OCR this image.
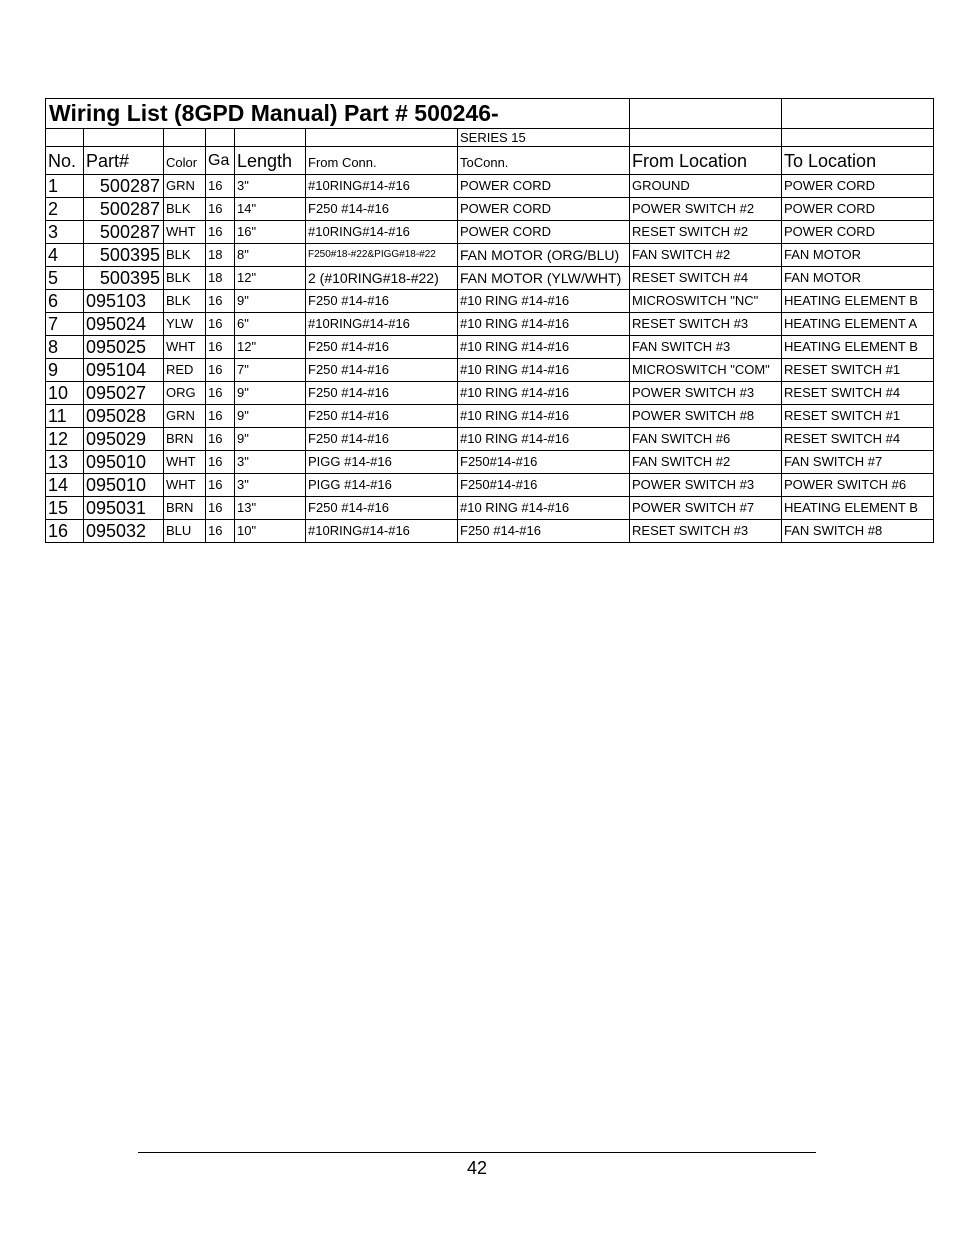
Wiring List (8GPD Manual) Part # 500246-								
						SERIES 15		
No.	Part#	Color	Ga	Length	From Conn.	ToConn.	From Location	To Location
1	500287	GRN	16	3"	#10RING#14-#16	POWER CORD	GROUND	POWER CORD
2	500287	BLK	16	14"	F250 #14-#16	POWER CORD	POWER SWITCH #2	POWER CORD
3	500287	WHT	16	16"	#10RING#14-#16	POWER CORD	RESET SWITCH #2	POWER CORD
4	500395	BLK	18	8"	F250#18-#22&PIGG#18-#22	FAN MOTOR (ORG/BLU)	FAN SWITCH #2	FAN MOTOR
5	500395	BLK	18	12"	2 (#10RING#18-#22)	FAN MOTOR (YLW/WHT)	RESET SWITCH #4	FAN MOTOR
6	095103	BLK	16	9"	F250 #14-#16	#10 RING #14-#16	MICROSWITCH "NC"	HEATING ELEMENT B
7	095024	YLW	16	6"	#10RING#14-#16	#10 RING #14-#16	RESET SWITCH #3	HEATING ELEMENT A
8	095025	WHT	16	12"	F250 #14-#16	#10 RING #14-#16	FAN SWITCH #3	HEATING ELEMENT B
9	095104	RED	16	7"	F250 #14-#16	#10 RING #14-#16	MICROSWITCH "COM"	RESET SWITCH #1
10	095027	ORG	16	9"	F250 #14-#16	#10 RING #14-#16	POWER SWITCH #3	RESET SWITCH #4
11	095028	GRN	16	9"	F250 #14-#16	#10 RING #14-#16	POWER SWITCH #8	RESET SWITCH #1
12	095029	BRN	16	9"	F250 #14-#16	#10 RING #14-#16	FAN SWITCH #6	RESET SWITCH #4
13	095010	WHT	16	3"	PIGG #14-#16	F250#14-#16	FAN SWITCH #2	FAN SWITCH #7
14	095010	WHT	16	3"	PIGG #14-#16	F250#14-#16	POWER SWITCH #3	POWER SWITCH #6
15	095031	BRN	16	13"	F250 #14-#16	#10 RING #14-#16	POWER SWITCH #7	HEATING ELEMENT B
16	095032	BLU	16	10"	#10RING#14-#16	F250 #14-#16	RESET SWITCH #3	FAN SWITCH #8
42
